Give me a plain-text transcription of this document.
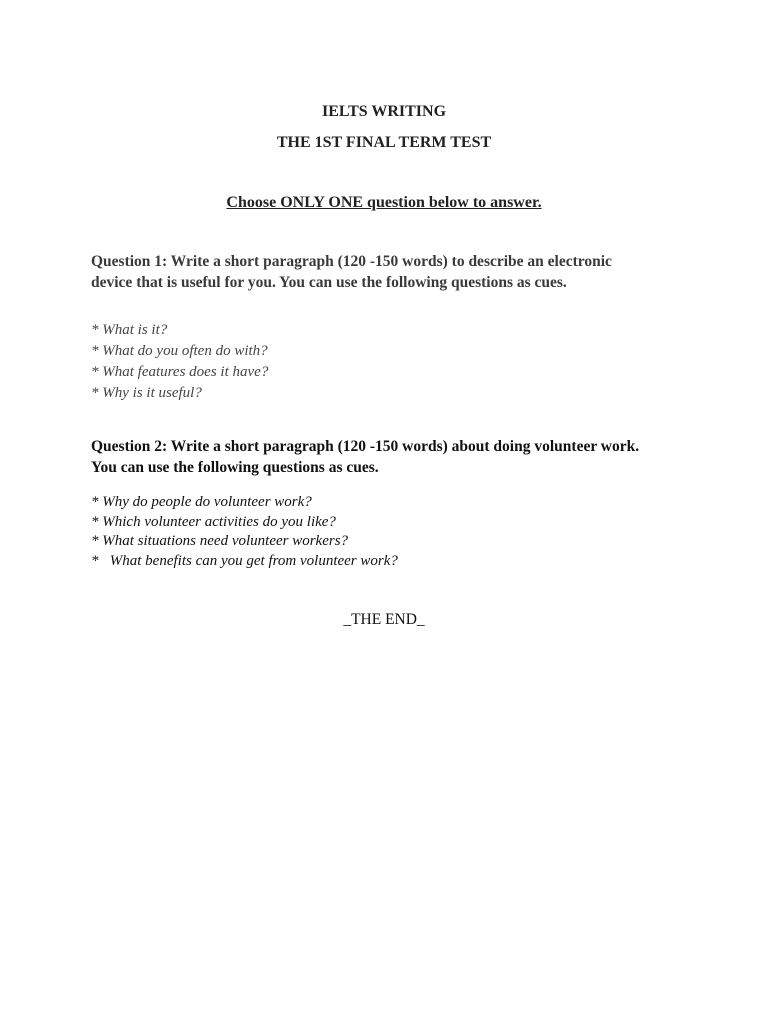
IELTS WRITING
THE 1ST FINAL TERM TEST
Choose ONLY ONE question below to answer.
Question 1: Write a short paragraph (120 -150 words) to describe an electronic
device that is useful for you. You can use the following questions as cues.
* What is it?
* What do you often do with?
* What features does it have?
* Why is it useful?
Question 2: Write a short paragraph (120 -150 words) about doing volunteer work.
You can use the following questions as cues.
* Why do people do volunteer work?
* Which volunteer activities do you like?
* What situations need volunteer workers?
*   What benefits can you get from volunteer work?
_THE END_
